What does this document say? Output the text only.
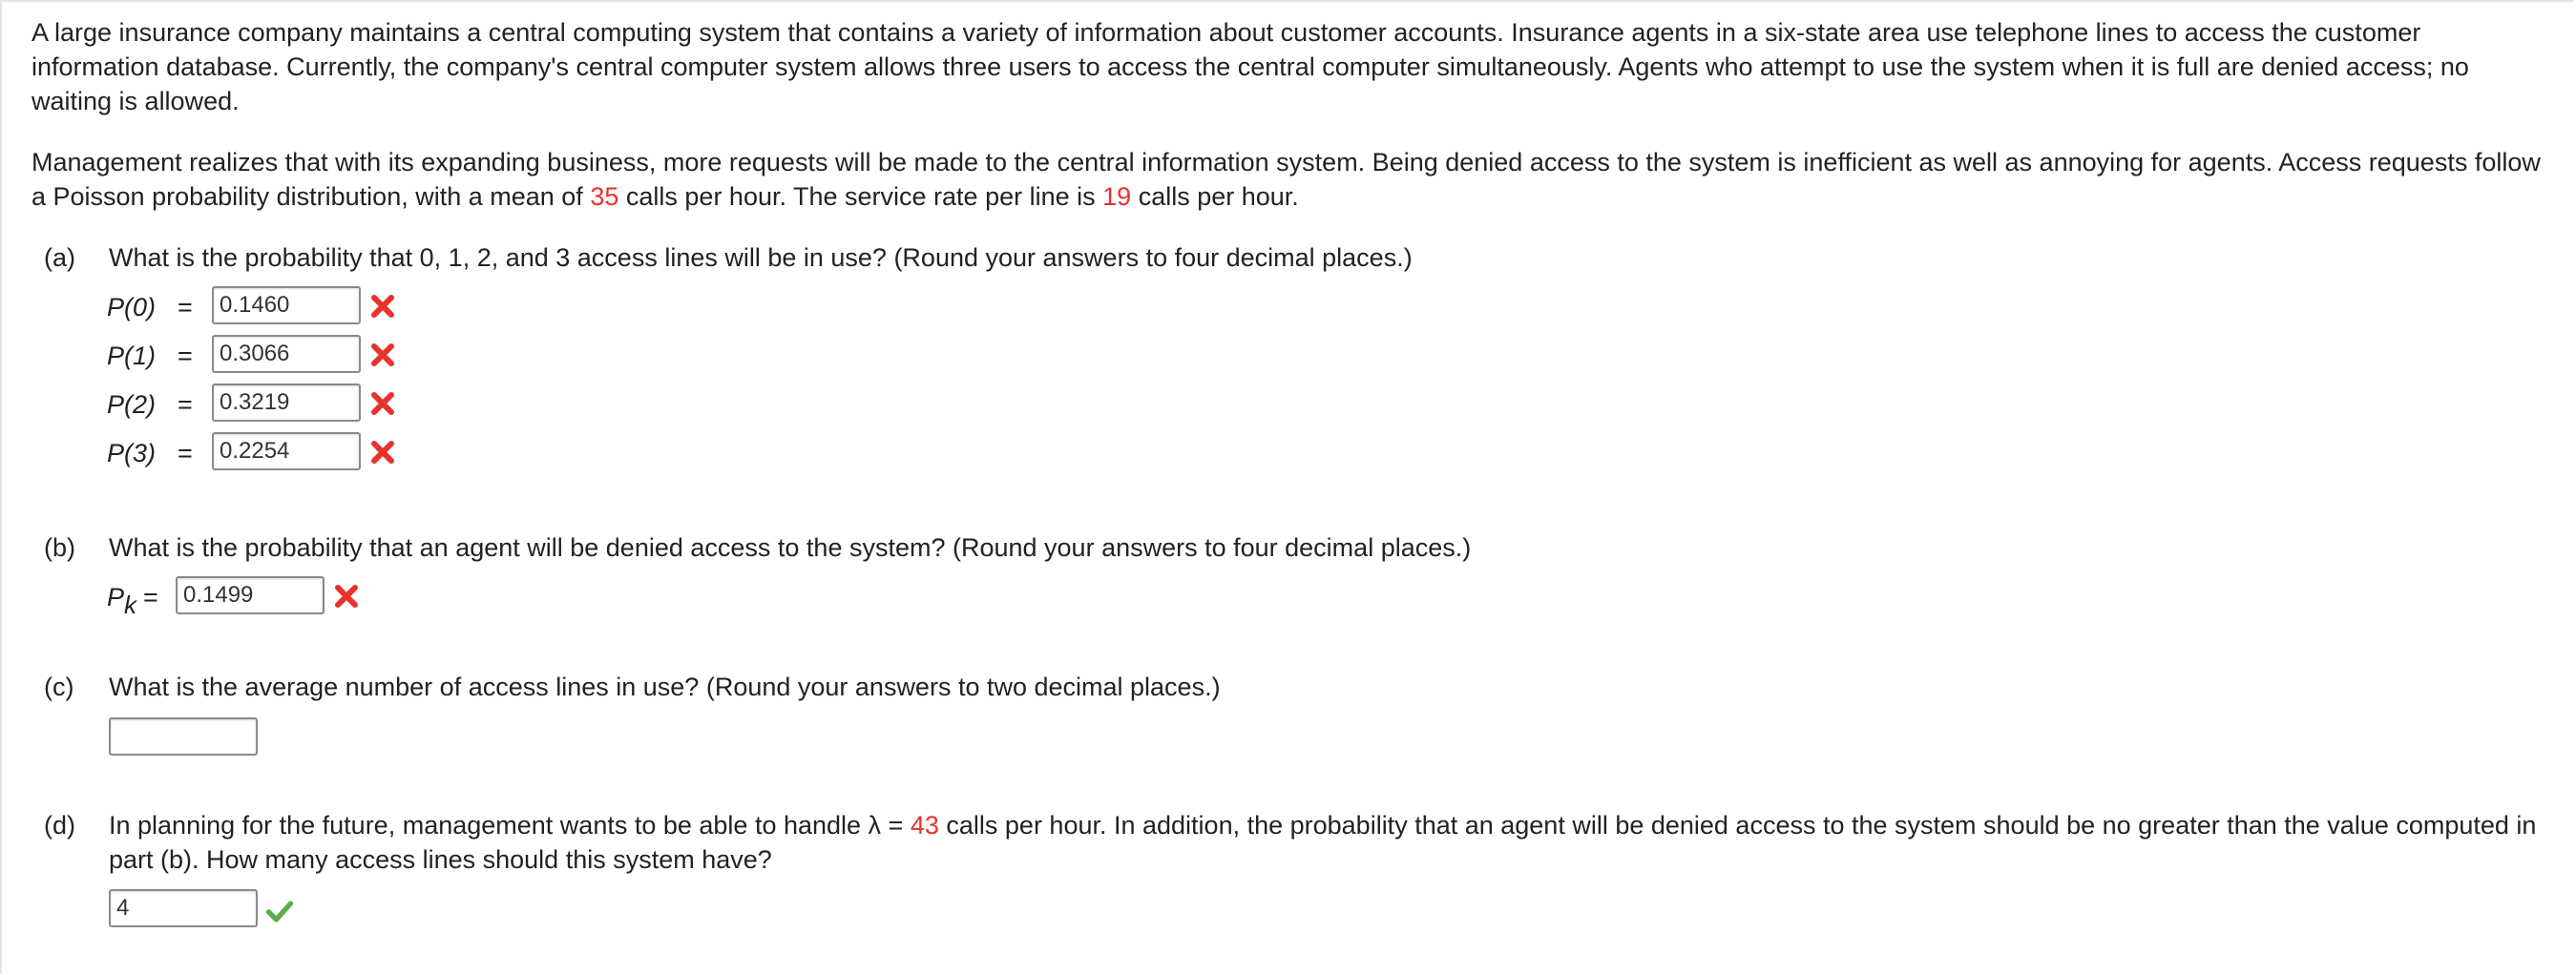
A large insurance company maintains a central computing system that contains a variety of information about customer accounts. Insurance agents in a six-state area use telephone lines to access the customer information database. Currently, the company's central computer system allows three users to access the central computer simultaneously. Agents who attempt to use the system when it is full are denied access; no waiting is allowed.

Management realizes that with its expanding business, more requests will be made to the central information system. Being denied access to the system is inefficient as well as annoying for agents. Access requests follow a Poisson probability distribution, with a mean of 35 calls per hour. The service rate per line is 19 calls per hour.

(a)	What is the probability that 0, 1, 2, and 3 access lines will be in use? (Round your answers to four decimal places.)
P(0) =
0.1460
P(1) =
0.3066
P(2) =
0.3219
P(3) =
0.2254
(b)	What is the probability that an agent will be denied access to the system? (Round your answers to four decimal places.)
Pk =
0.1499
(c)	What is the average number of access lines in use? (Round your answers to two decimal places.)
(d)	In planning for the future, management wants to be able to handle λ = 43 calls per hour. In addition, the probability that an agent will be denied access to the system should be no greater than the value computed in part (b). How many access lines should this system have?
4
